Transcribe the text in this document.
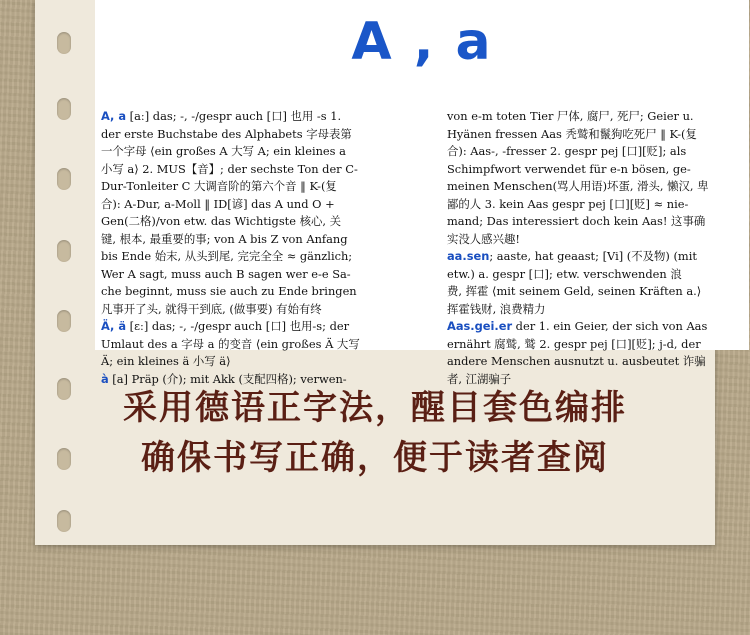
A , a
A, a [aː] das; -, -/gespr auch [口] 也用 -s 1.
der erste Buchstabe des Alphabets 字母表第
一个字母 ⟨ein großes A 大写 A; ein kleines a
小写 a⟩ 2. MUS【音】; der sechste Ton der C-
Dur-Tonleiter C 大调音阶的第六个音 ‖ K-(复
合): A-Dur, a-Moll ‖ ID[谚] das A und O +
Gen(二格)/von etw. das Wichtigste 核心, 关
键, 根本, 最重要的事; von A bis Z von Anfang
bis Ende 始末, 从头到尾, 完完全全 ≈ gänzlich;
Wer A sagt, muss auch B sagen wer e-e Sa-
che beginnt, muss sie auch zu Ende bringen
凡事开了头, 就得干到底, (做事要) 有始有终
Ä, ä [ɛː] das; -, -/gespr auch [口] 也用-s; der
Umlaut des a 字母 a 的变音 ⟨ein großes Ä 大写
Ä; ein kleines ä 小写 ä⟩
à [a] Präp (介); mit Akk (支配四格); verwen-
von e-m toten Tier 尸体, 腐尸, 死尸; Geier u.
Hyänen fressen Aas 秃鹫和鬣狗吃死尸 ‖ K-(复
合): Aas-, -fresser 2. gespr pej [口][贬]; als
Schimpfwort verwendet für e-n bösen, ge-
meinen Menschen(骂人用语)坏蛋, 滑头, 懒汉, 卑
鄙的人 3. kein Aas gespr pej [口][贬] ≈ nie-
mand; Das interessiert doch kein Aas! 这事确
实没人感兴趣!
aa.sen; aaste, hat geaast; [Vi] (不及物) (mit
etw.) a. gespr [口]; etw. verschwenden 浪
费, 挥霍 ⟨mit seinem Geld, seinen Kräften a.⟩
挥霍钱财, 浪费精力
Aas.gei.er der 1. ein Geier, der sich von Aas
ernährt 腐鹫, 鹫 2. gespr pej [口][贬]; j-d, der
andere Menschen ausnutzt u. ausbeutet 诈骗
者, 江湖骗子
采用德语正字法，醒目套色编排
确保书写正确，便于读者查阅
